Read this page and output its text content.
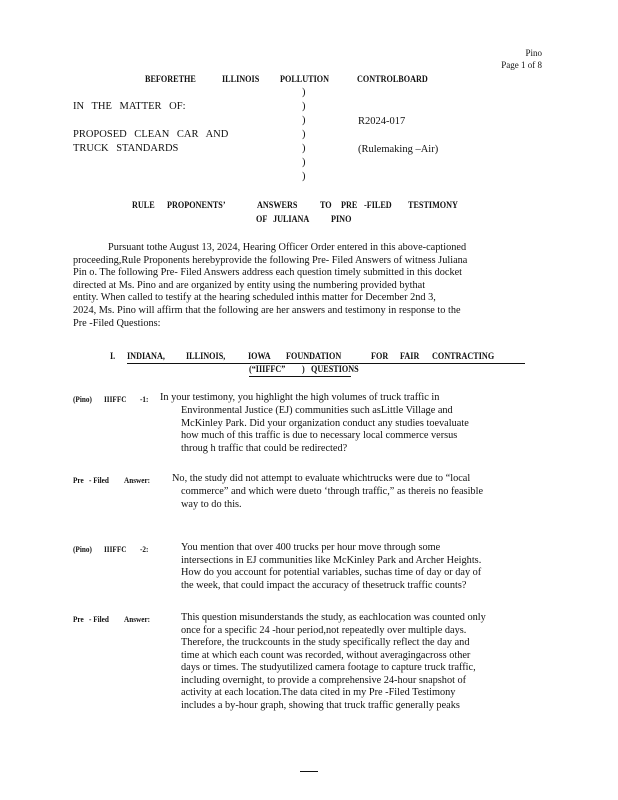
Pino
Page 1 of 8
BEFORETHE	ILLINOIS POLLUTION	CONTROLBOARD
IN THE MATTER OF:
PROPOSED CLEAN CAR AND
TRUCK STANDARDS
)
)
)
)
)
)
)
R2024-017
(Rulemaking –Air)
RULE PROPONENTS’	ANSWERS TO PRE -FILED TESTIMONY
OF JULIANA PINO
Pursuant tothe August 13, 2024, Hearing Officer Order entered in this above-captioned
proceeding,Rule Proponents herebyprovide the following Pre- Filed Answers of witness Juliana
Pin o. The following Pre- Filed Answers address each question timely submitted in this docket
directed at Ms. Pino and are organized by entity using the numbering provided bythat
entity. When called to testify at the hearing scheduled inthis matter for December 2nd 3,
2024, Ms. Pino will affirm that the following are her answers and testimony in response to the
Pre -Filed Questions:
I. INDIANA, ILLINOIS, IOWA FOUNDATION	FOR FAIR CONTRACTING
(“IIIFFC” ) QUESTIONS
(Pino) IIIFFC -1: In your testimony, you highlight the high volumes of truck traffic in
Environmental Justice (EJ) communities such asLittle Village and
McKinley Park. Did your organization conduct any studies toevaluate
how much of this traffic is due to necessary local commerce versus
throug h traffic that could be redirected?
Pre - Filed Answer: No, the study did not attempt to evaluate whichtrucks were due to “local
commerce” and which were dueto ‘through traffic,” as thereis no feasible
way to do this.
(Pino) IIIFFC -2:	You mention that over 400 trucks per hour move through some
intersections in EJ communities like McKinley Park and Archer Heights.
How do you account for potential variables, suchas time of day or day of
the week, that could impact the accuracy of thesetruck traffic counts?
Pre - Filed Answer:	This question misunderstands the study, as eachlocation was counted only
once for a specific 24 -hour period,not repeatedly over multiple days.
Therefore, the truckcounts in the study specifically reflect the day and
time at which each count was recorded, without averagingacross other
days or times. The studyutilized camera footage to capture truck traffic,
including overnight, to provide a comprehensive 24-hour snapshot of
activity at each location.The data cited in my Pre -Filed Testimony
includes a by-hour graph, showing that truck traffic generally peaks
